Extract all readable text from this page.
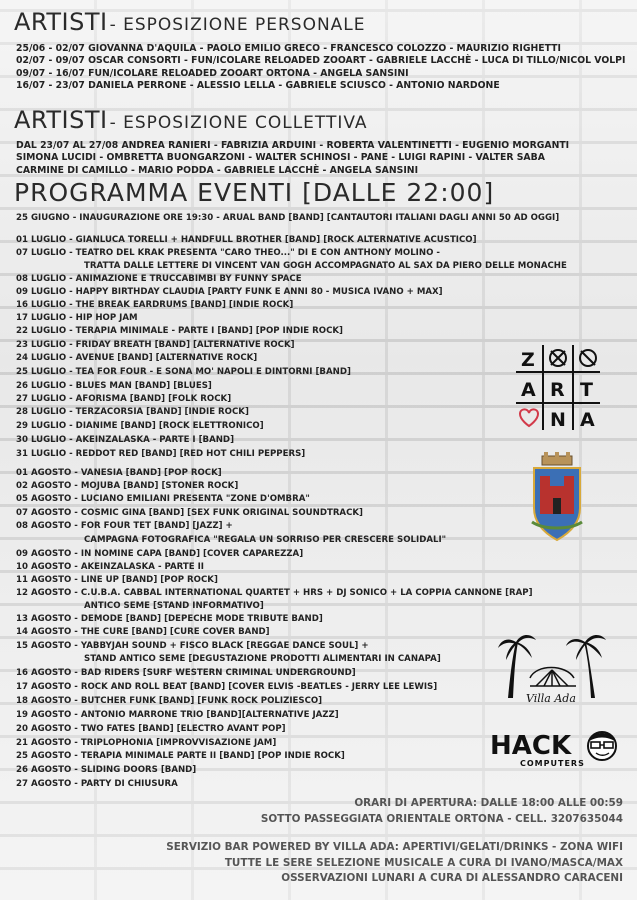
ARTISTI - ESPOSIZIONE PERSONALE
25/06 - 02/07 GIOVANNA D'AQUILA - PAOLO EMILIO GRECO - FRANCESCO COLOZZO - MAURIZIO RIGHETTI
02/07 - 09/07 OSCAR CONSORTI - FUN/ICOLARE RELOADED ZOOART - GABRIELE LACCHÈ - LUCA DI TILLO/NICOL VOLPI
09/07 - 16/07 FUN/ICOLARE RELOADED ZOOART ORTONA - ANGELA SANSINI
16/07 - 23/07 DANIELA PERRONE - ALESSIO LELLA - GABRIELE SCIUSCO - ANTONIO NARDONE
ARTISTI - ESPOSIZIONE COLLETTIVA
DAL 23/07 AL 27/08 ANDREA RANIERI - FABRIZIA ARDUINI - ROBERTA VALENTINETTI - EUGENIO MORGANTI
SIMONA LUCIDI - OMBRETTA BUONGARZONI - WALTER SCHINOSI - PANE - LUIGI RAPINI - VALTER SABA
CARMINE DI CAMILLO - MARIO PODDA - GABRIELE LACCHÈ - ANGELA SANSINI
PROGRAMMA EVENTI [DALLE 22:00]
25 GIUGNO - INAUGURAZIONE ORE 19:30 - ARUAL BAND [BAND] [CANTAUTORI ITALIANI DAGLI ANNI 50 AD OGGI]
01 LUGLIO - GIANLUCA TORELLI + HANDFULL BROTHER [BAND] [ROCK ALTERNATIVE ACUSTICO]
07 LUGLIO - TEATRO DEL KRAK PRESENTA "CARO THEO..." DI E CON ANTHONY MOLINO -
TRATTA DALLE LETTERE DI VINCENT VAN GOGH ACCOMPAGNATO AL SAX DA PIERO DELLE MONACHE
08 LUGLIO - ANIMAZIONE E TRUCCABIMBI BY FUNNY SPACE
09 LUGLIO - HAPPY BIRTHDAY CLAUDIA [PARTY FUNK E ANNI 80 - MUSICA IVANO + MAX]
16 LUGLIO - THE BREAK EARDRUMS [BAND] [INDIE ROCK]
17 LUGLIO - HIP HOP JAM
22 LUGLIO - TERAPIA MINIMALE - PARTE I [BAND] [POP INDIE ROCK]
23 LUGLIO - FRIDAY BREATH [BAND] [ALTERNATIVE ROCK]
24 LUGLIO - AVENUE [BAND] [ALTERNATIVE ROCK]
25 LUGLIO - TEA FOR FOUR - E SONA MO' NAPOLI E DINTORNI [BAND]
26 LUGLIO - BLUES MAN [BAND] [BLUES]
27 LUGLIO - AFORISMA [BAND] [FOLK ROCK]
28 LUGLIO - TERZACORSIA [BAND] [INDIE ROCK]
29 LUGLIO - DIANIME [BAND] [ROCK ELETTRONICO]
30 LUGLIO - AKEINZALASKA - PARTE I [BAND]
31 LUGLIO - REDDOT RED [BAND] [RED HOT CHILI PEPPERS]
01 AGOSTO - VANESIA [BAND] [POP ROCK]
02 AGOSTO - MOJUBA [BAND] [STONER ROCK]
05 AGOSTO - LUCIANO EMILIANI PRESENTA "ZONE D'OMBRA"
07 AGOSTO - COSMIC GINA [BAND] [SEX FUNK ORIGINAL SOUNDTRACK]
08 AGOSTO - FOR FOUR TET [BAND] [JAZZ] +
CAMPAGNA FOTOGRAFICA "REGALA UN SORRISO PER CRESCERE SOLIDALI"
09 AGOSTO - IN NOMINE CAPA [BAND] [COVER CAPAREZZA]
10 AGOSTO - AKEINZALASKA - PARTE II
11 AGOSTO - LINE UP [BAND] [POP ROCK]
12 AGOSTO - C.U.B.A. CABBAL INTERNATIONAL QUARTET + HRS + DJ SONICO + LA COPPIA CANNONE [RAP]
ANTICO SEME [STAND INFORMATIVO]
13 AGOSTO - DEMODE [BAND] [DEPECHE MODE TRIBUTE BAND]
14 AGOSTO - THE CURE [BAND] [CURE COVER BAND]
15 AGOSTO - YABBYJAH SOUND + FISCO BLACK [REGGAE DANCE SOUL] +
STAND ANTICO SEME [DEGUSTAZIONE PRODOTTI ALIMENTARI IN CANAPA]
16 AGOSTO - BAD RIDERS [SURF WESTERN CRIMINAL UNDERGROUND]
17 AGOSTO - ROCK AND ROLL BEAT [BAND] [COVER ELVIS -BEATLES - JERRY LEE LEWIS]
18 AGOSTO - BUTCHER FUNK [BAND] [FUNK ROCK POLIZIESCO]
19 AGOSTO - ANTONIO MARRONE TRIO [BAND][ALTERNATIVE JAZZ]
20 AGOSTO - TWO FATES [BAND] [ELECTRO AVANT POP]
21 AGOSTO - TRIPLOPHONIA [IMPROVVISAZIONE JAM]
25 AGOSTO - TERAPIA MINIMALE PARTE II [BAND] [POP INDIE ROCK]
26 AGOSTO - SLIDING DOORS [BAND]
27 AGOSTO - PARTY DI CHIUSURA
ORARI DI APERTURA: DALLE 18:00 ALLE 00:59
SOTTO PASSEGGIATA ORIENTALE ORTONA - CELL. 3207635044
SERVIZIO BAR POWERED BY VILLA ADA: APERTIVI/GELATI/DRINKS - ZONA WIFI
TUTTE LE SERE SELEZIONE MUSICALE A CURA DI IVANO/MASCA/MAX
OSSERVAZIONI LUNARI A CURA DI ALESSANDRO CARACENI
Z
A R T
N A
Villa Ada
HACK
COMPUTERS
